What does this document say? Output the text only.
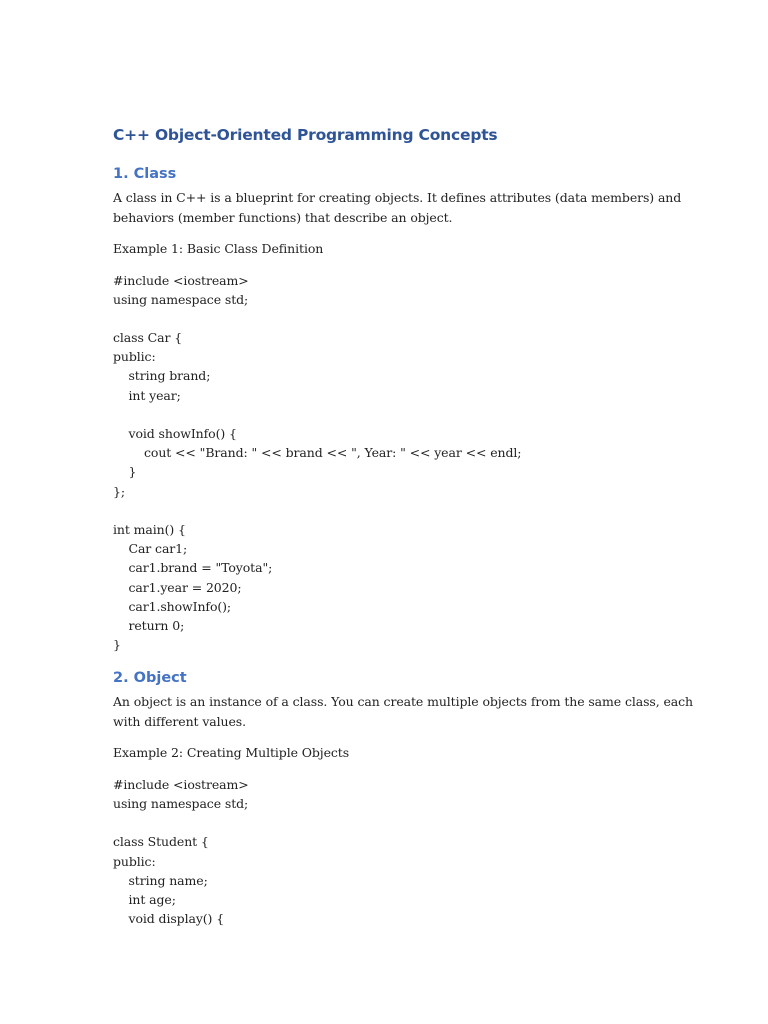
C++ Object-Oriented Programming Concepts
1. Class

A class in C++ is a blueprint for creating objects. It defines attributes (data members) and behaviors (member functions) that describe an object.

Example 1: Basic Class Definition

#include <iostream>
using namespace std;
class Car {
public:
string brand;
int year;
void showInfo() {
cout << "Brand: " << brand << ", Year: " << year << endl;
}
};
int main() {
Car car1;
car1.brand = "Toyota";
car1.year = 2020;
car1.showInfo();
return 0;
}
2. Object

An object is an instance of a class. You can create multiple objects from the same class, each with different values.

Example 2: Creating Multiple Objects

#include <iostream>
using namespace std;
class Student {
public:
string name;
int age;
void display() {
